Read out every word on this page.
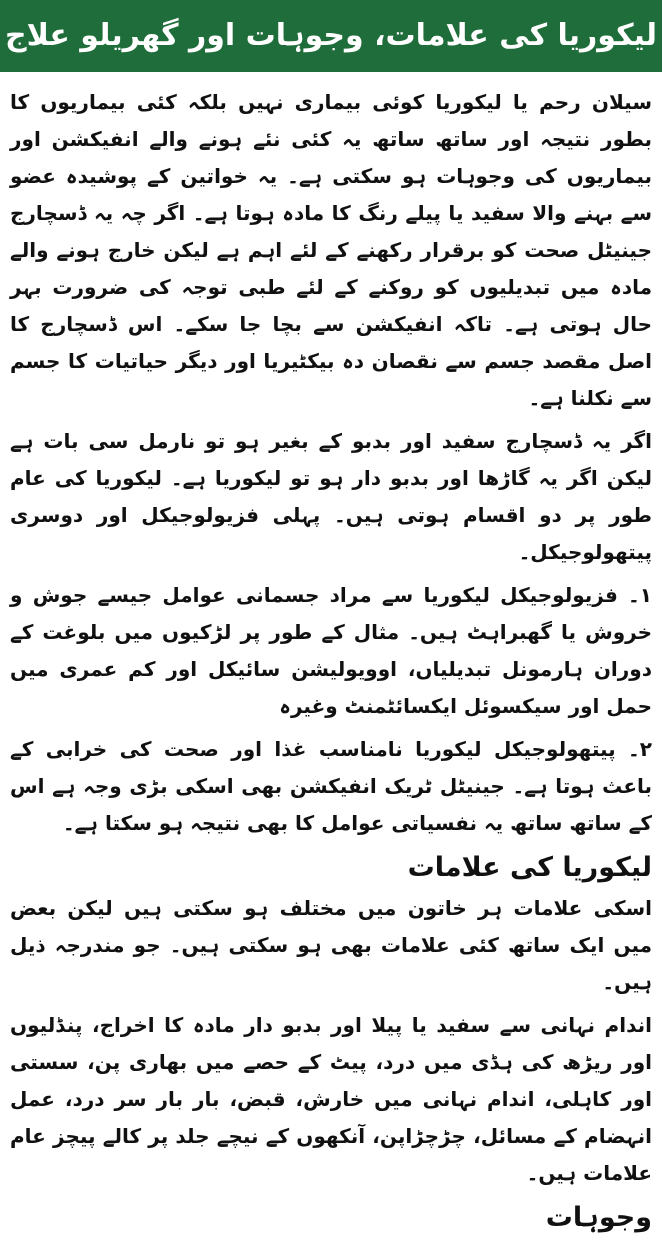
لیکوریا کی علامات، وجوہات اور گھریلو علاج

سیلان رحم یا لیکوریا کوئی بیماری نہیں بلکہ کئی بیماریوں کا بطور نتیجہ اور ساتھ ساتھ یہ کئی نئے ہونے والے انفیکشن اور بیماریوں کی وجوہات ہو سکتی ہے۔ یہ خواتین کے پوشیدہ عضو سے بہنے والا سفید یا پیلے رنگ کا مادہ ہوتا ہے۔ اگر چہ یہ ڈسچارج جینیٹل صحت کو برقرار رکھنے کے لئے اہم ہے لیکن خارج ہونے والے مادہ میں تبدیلیوں کو روکنے کے لئے طبی توجہ کی ضرورت بہر حال ہوتی ہے۔ تاکہ انفیکشن سے بچا جا سکے۔ اس ڈسچارج کا اصل مقصد جسم سے نقصان دہ بیکٹیریا اور دیگر حیاتیات کا جسم سے نکلنا ہے۔

اگر یہ ڈسچارج سفید اور بدبو کے بغیر ہو تو نارمل سی بات ہے لیکن اگر یہ گاڑھا اور بدبو دار ہو تو لیکوریا ہے۔ لیکوریا کی عام طور پر دو اقسام ہوتی ہیں۔ پہلی فزیولوجیکل اور دوسری پیتھولوجیکل۔

۱۔ فزیولوجیکل لیکوریا سے مراد جسمانی عوامل جیسے جوش و خروش یا گھبراہٹ ہیں۔ مثال کے طور پر لڑکیوں میں بلوغت کے دوران ہارمونل تبدیلیاں، اوویولیشن سائیکل اور کم عمری میں حمل اور سیکسوئل ایکسائٹمنٹ وغیرہ

۲۔ پیتھولوجیکل لیکوریا نامناسب غذا اور صحت کی خرابی کے باعث ہوتا ہے۔ جینیٹل ٹریک انفیکشن بھی اسکی بڑی وجہ ہے اس کے ساتھ ساتھ یہ نفسیاتی عوامل کا بھی نتیجہ ہو سکتا ہے۔

لیکوریا کی علامات

اسکی علامات ہر خاتون میں مختلف ہو سکتی ہیں لیکن بعض میں ایک ساتھ کئی علامات بھی ہو سکتی ہیں۔ جو مندرجہ ذیل ہیں۔

اندام نہانی سے سفید یا پیلا اور بدبو دار مادہ کا اخراج، پنڈلیوں اور ریڑھ کی ہڈی میں درد، پیٹ کے حصے میں بھاری پن، سستی اور کاہلی، اندام نہانی میں خارش، قبض، بار بار سر درد، عمل انہضام کے مسائل، چڑچڑاپن، آنکھوں کے نیچے جلد پر کالے پیچز عام علامات ہیں۔

وجوہات
